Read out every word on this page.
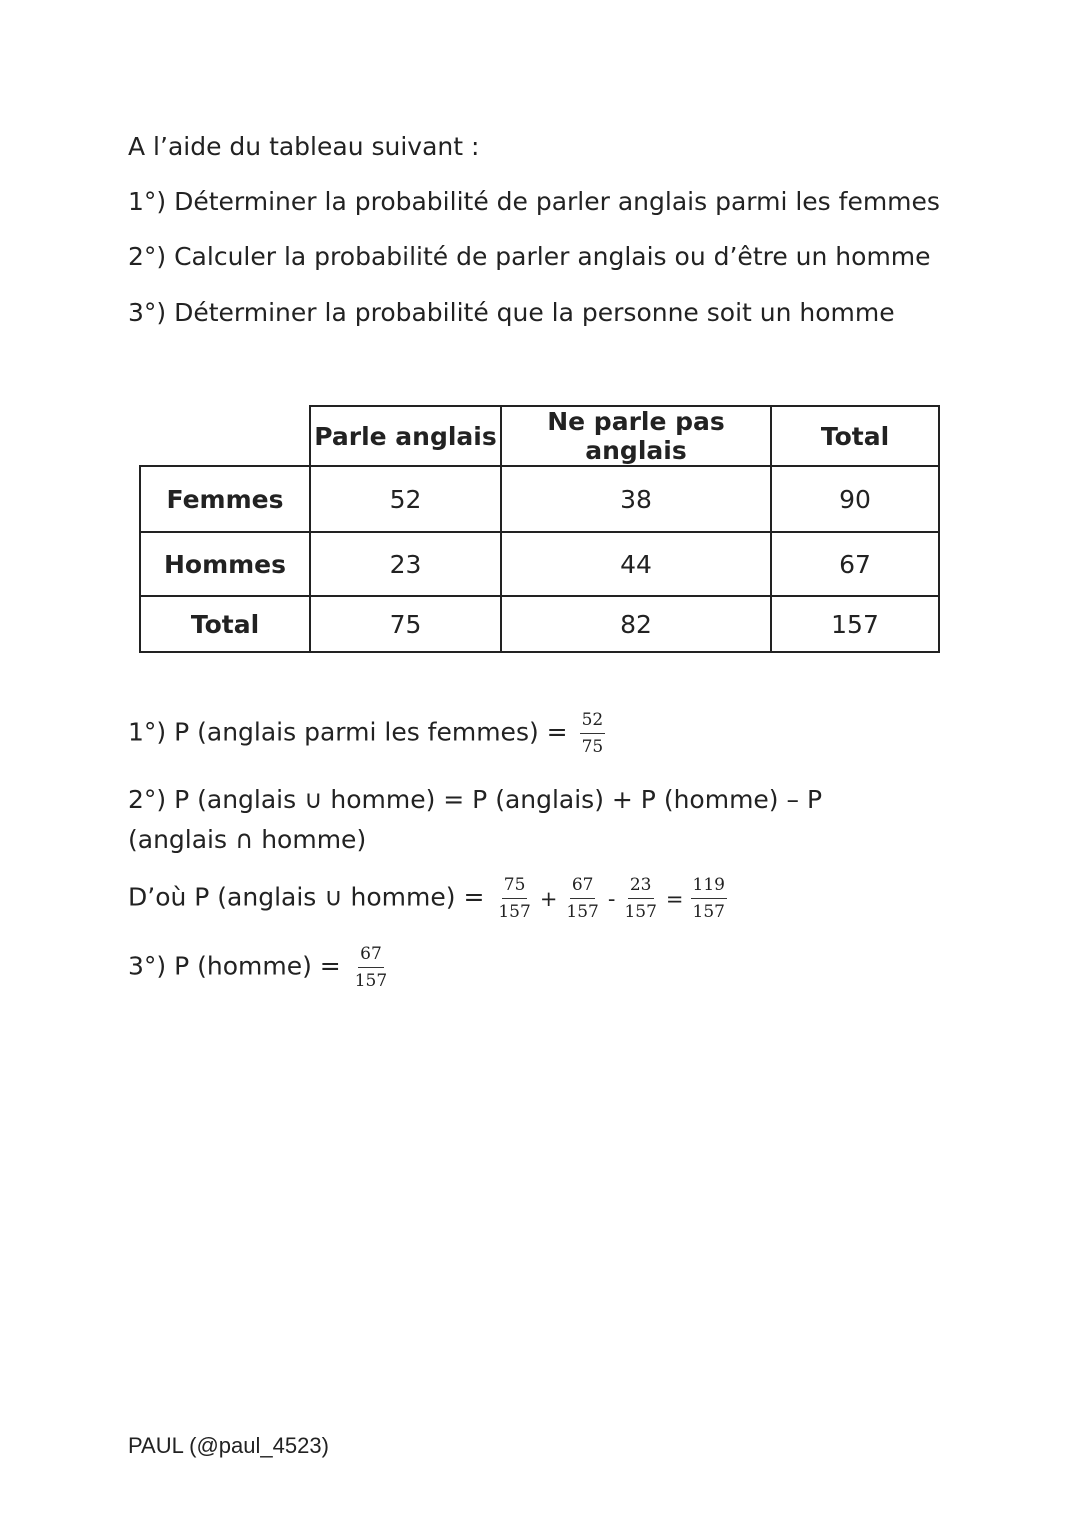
A l’aide du tableau suivant :
1°) Déterminer la probabilité de parler anglais parmi les femmes
2°) Calculer la probabilité de parler anglais ou d’être un homme
3°) Déterminer la probabilité que la personne soit un homme
	Parle anglais	Ne parle pas anglais	Total
Femmes	52	38	90
Hommes	23	44	67
Total	75	82	157
1°) P (anglais parmi les femmes) = $\frac{52}{75}$
2°) P (anglais ∪ homme) = P (anglais) + P (homme) – P (anglais ∩ homme)
D’où P (anglais ∪ homme) = $\frac{75}{157} + \frac{67}{157} - \frac{23}{157} = \frac{119}{157}$
3°) P (homme) = $\frac{67}{157}$
PAUL (@paul_4523)
